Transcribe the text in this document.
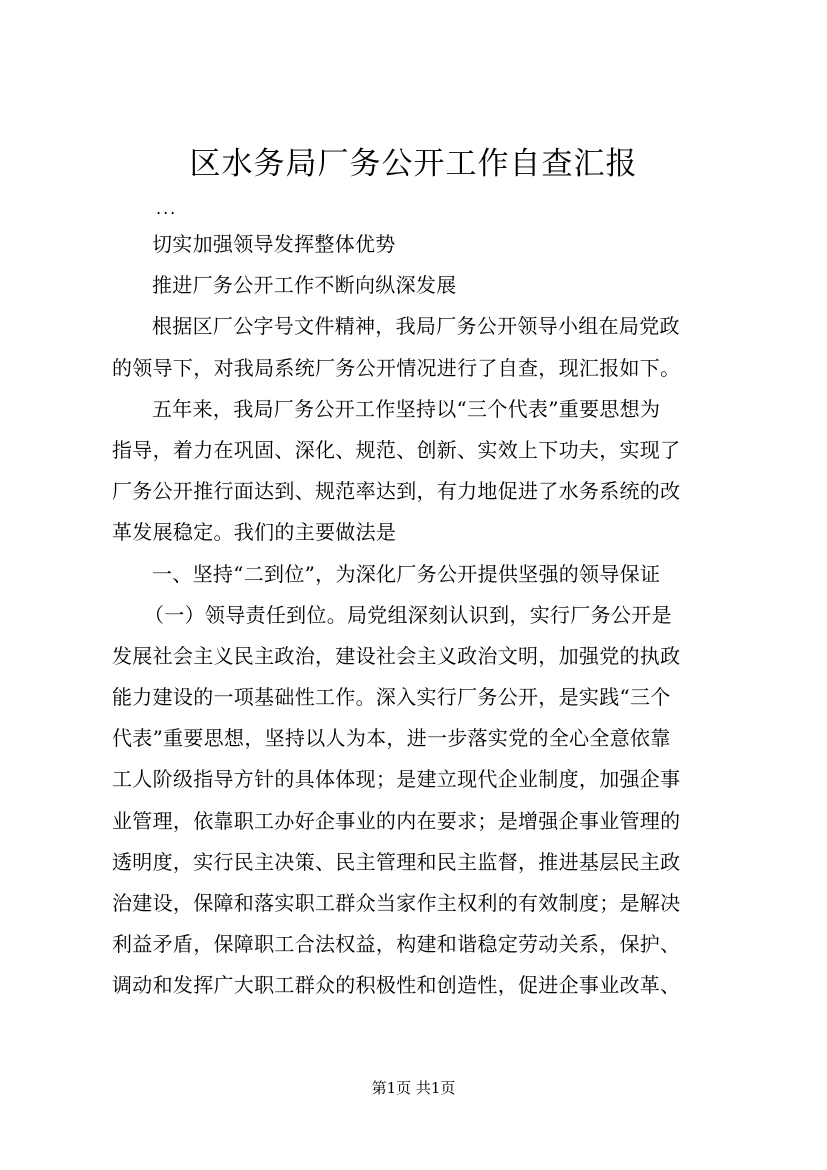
区水务局厂务公开工作自查汇报
...
切实加强领导发挥整体优势
推进厂务公开工作不断向纵深发展
根据区厂公字号文件精神，我局厂务公开领导小组在局党政
的领导下，对我局系统厂务公开情况进行了自查，现汇报如下。
五年来，我局厂务公开工作坚持以“三个代表”重要思想为
指导，着力在巩固、深化、规范、创新、实效上下功夫，实现了
厂务公开推行面达到、规范率达到，有力地促进了水务系统的改
革发展稳定。我们的主要做法是
一、坚持“二到位”，为深化厂务公开提供坚强的领导保证
（一）领导责任到位。局党组深刻认识到，实行厂务公开是
发展社会主义民主政治，建设社会主义政治文明，加强党的执政
能力建设的一项基础性工作。深入实行厂务公开，是实践“三个
代表”重要思想，坚持以人为本，进一步落实党的全心全意依靠
工人阶级指导方针的具体体现；是建立现代企业制度，加强企事
业管理，依靠职工办好企事业的内在要求；是增强企事业管理的
透明度，实行民主决策、民主管理和民主监督，推进基层民主政
治建设，保障和落实职工群众当家作主权利的有效制度；是解决
利益矛盾，保障职工合法权益，构建和谐稳定劳动关系，保护、
调动和发挥广大职工群众的积极性和创造性，促进企事业改革、
第1页 共1页
